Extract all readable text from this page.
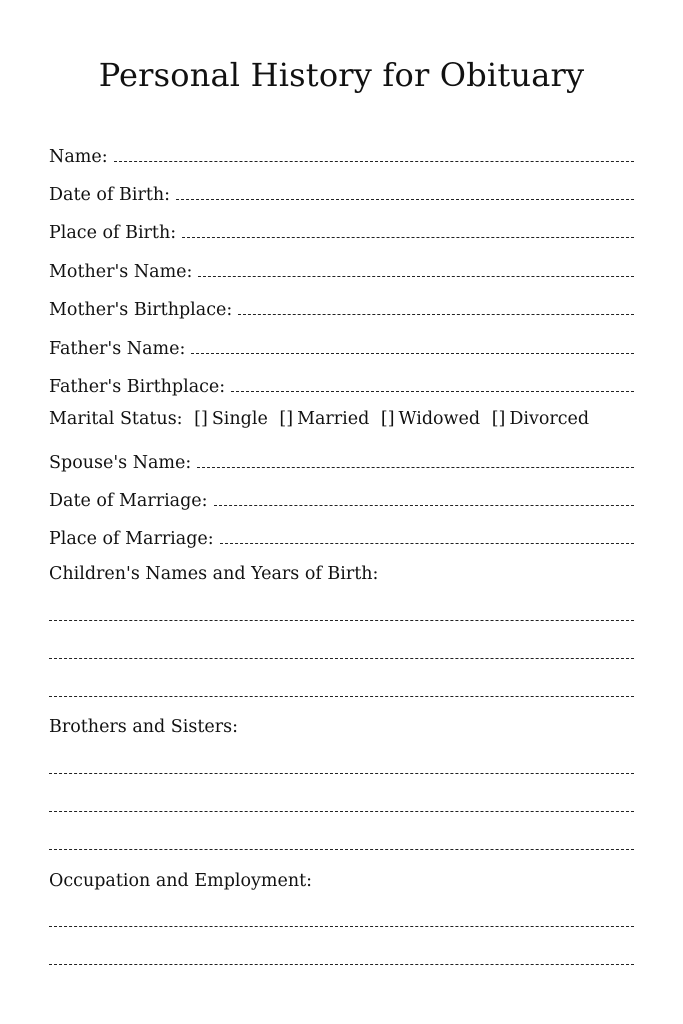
Personal History for Obituary
Name:
Date of Birth:
Place of Birth:
Mother's Name:
Mother's Birthplace:
Father's Name:
Father's Birthplace:
Marital Status: [] Single [] Married [] Widowed [] Divorced
Spouse's Name:
Date of Marriage:
Place of Marriage:
Children's Names and Years of Birth:
Brothers and Sisters:
Occupation and Employment:
